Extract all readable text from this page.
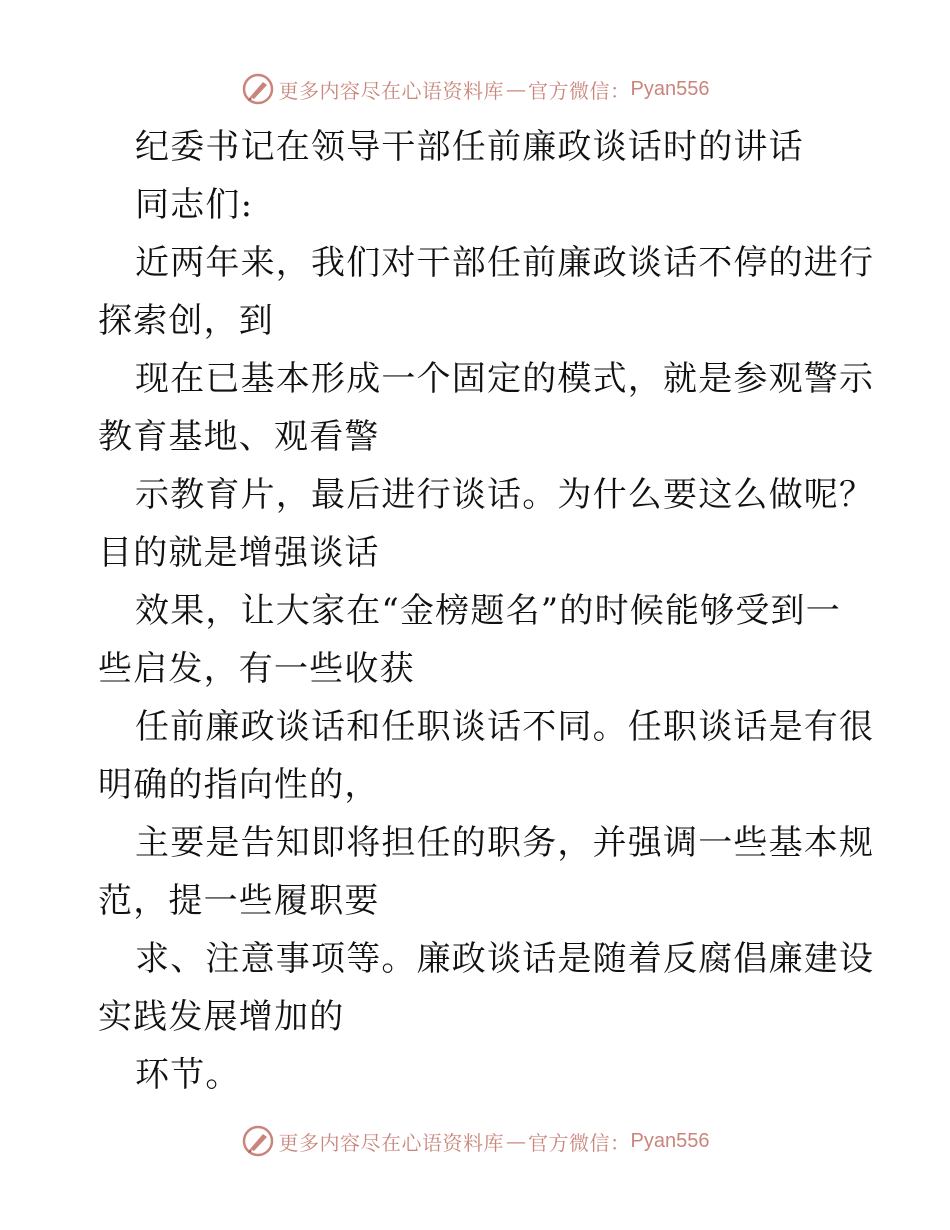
更多内容尽在心语资料库 — 官方微信： Pyan556
纪委书记在领导干部任前廉政谈话时的讲话
同志们:
近两年来，我们对干部任前廉政谈话不停的进行
探索创，到
现在已基本形成一个固定的模式，就是参观警示
教育基地、观看警
示教育片，最后进行谈话。为什么要这么做呢？
目的就是增强谈话
效果，让大家在“金榜题名”的时候能够受到一
些启发，有一些收获
任前廉政谈话和任职谈话不同。任职谈话是有很
明确的指向性的，
主要是告知即将担任的职务，并强调一些基本规
范，提一些履职要
求、注意事项等。廉政谈话是随着反腐倡廉建设
实践发展增加的
环节。
更多内容尽在心语资料库 — 官方微信： Pyan556
